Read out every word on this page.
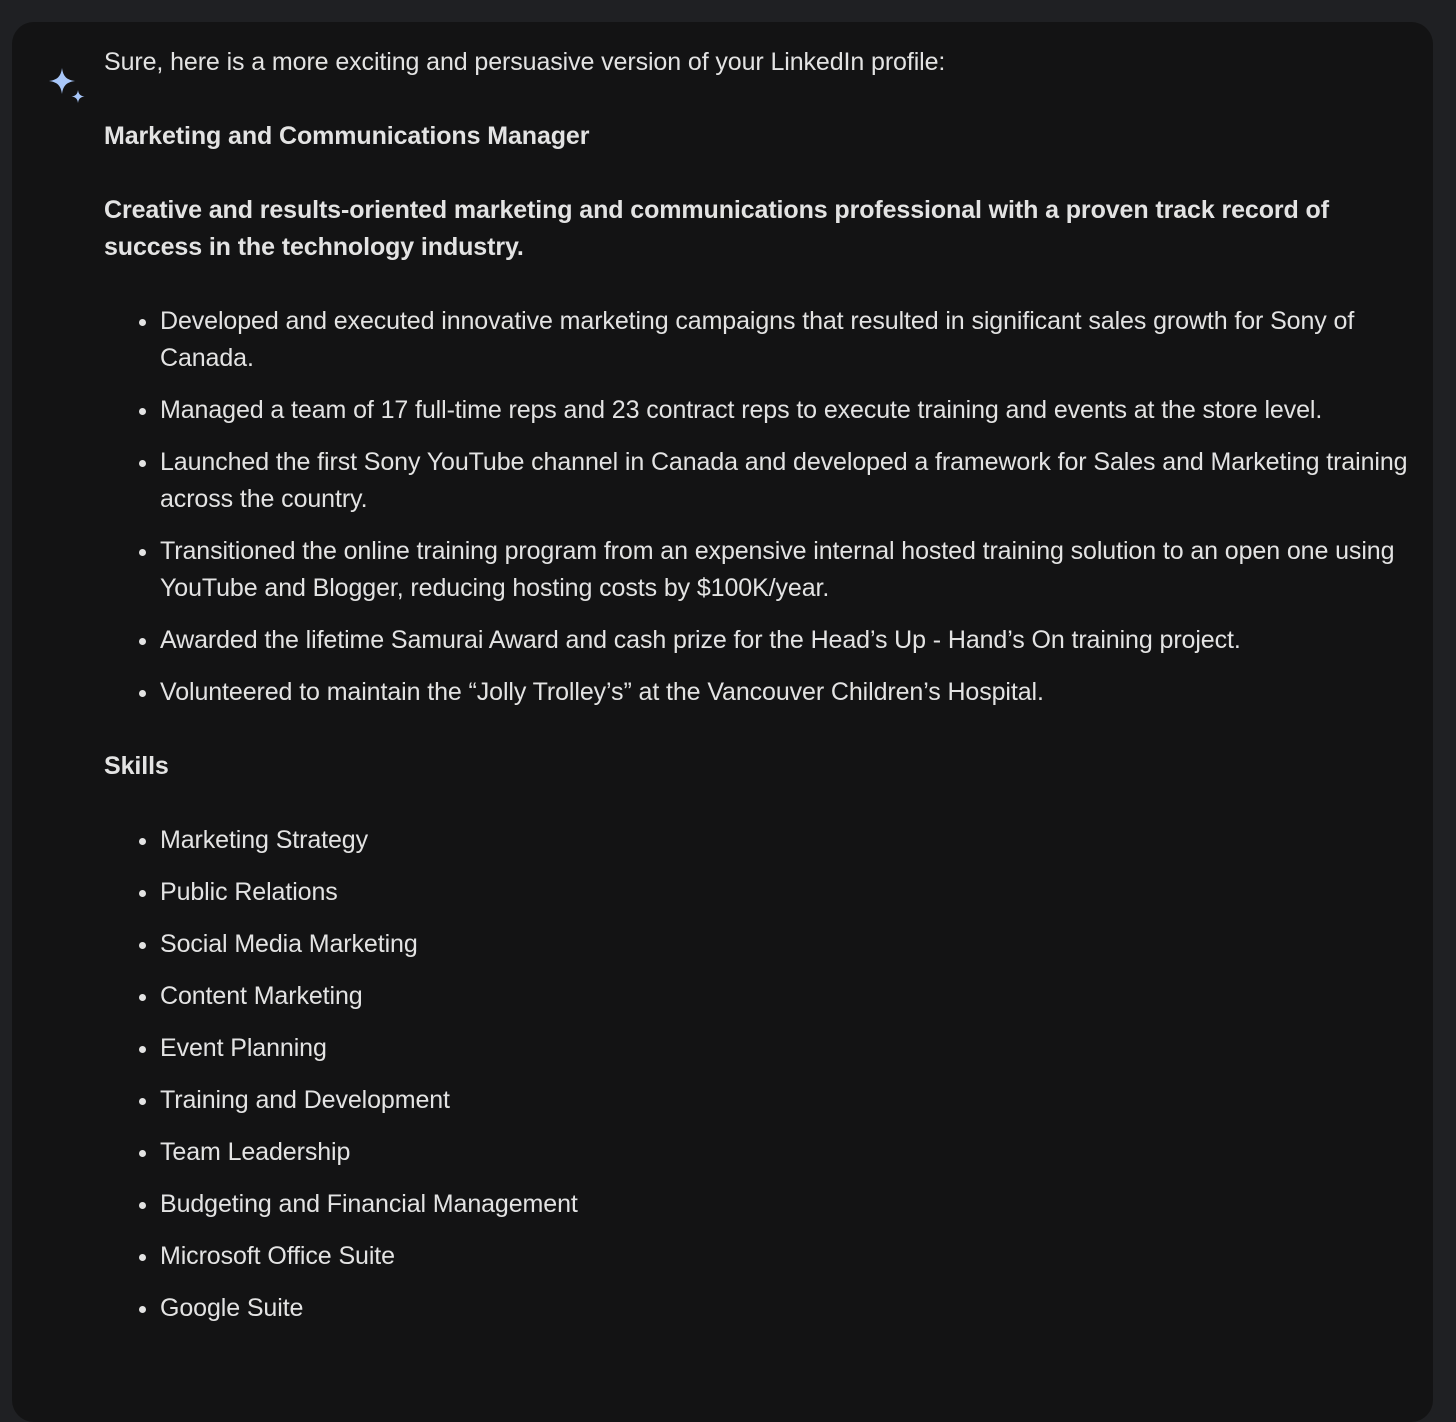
Sure, here is a more exciting and persuasive version of your LinkedIn profile:

Marketing and Communications Manager

Creative and results-oriented marketing and communications professional with a proven track record of success in the technology industry.

Developed and executed innovative marketing campaigns that resulted in significant sales growth for Sony of Canada.
Managed a team of 17 full-time reps and 23 contract reps to execute training and events at the store level.
Launched the first Sony YouTube channel in Canada and developed a framework for Sales and Marketing training across the country.
Transitioned the online training program from an expensive internal hosted training solution to an open one using YouTube and Blogger, reducing hosting costs by $100K/year.
Awarded the lifetime Samurai Award and cash prize for the Head’s Up - Hand’s On training project.
Volunteered to maintain the “Jolly Trolley’s” at the Vancouver Children’s Hospital.

Skills

Marketing Strategy
Public Relations
Social Media Marketing
Content Marketing
Event Planning
Training and Development
Team Leadership
Budgeting and Financial Management
Microsoft Office Suite
Google Suite
